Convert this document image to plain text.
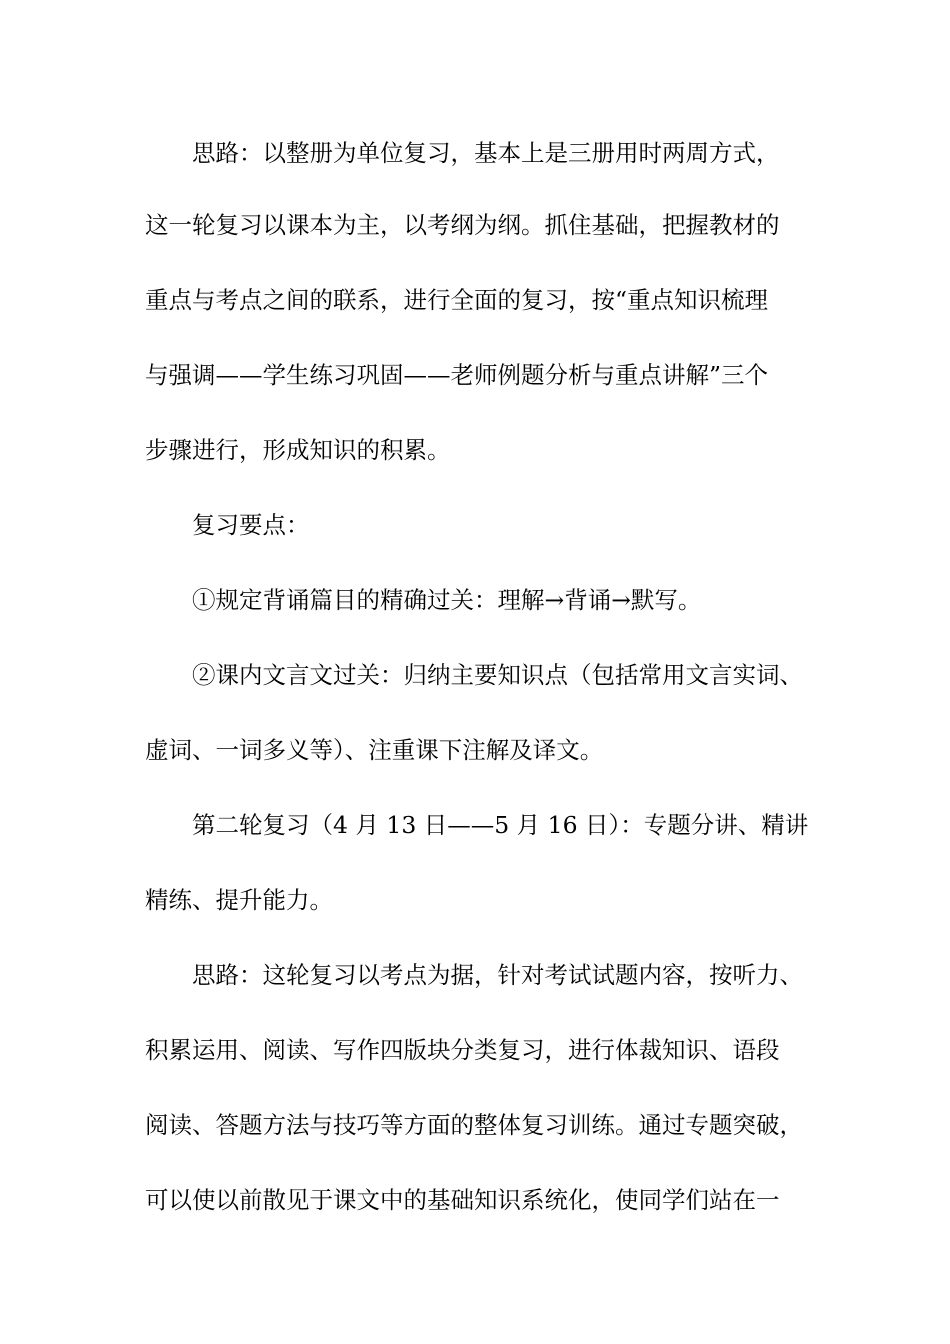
思路：以整册为单位复习，基本上是三册用时两周方式，
这一轮复习以课本为主，以考纲为纲。抓住基础，把握教材的
重点与考点之间的联系，进行全面的复习，按“重点知识梳理
与强调——学生练习巩固——老师例题分析与重点讲解”三个
步骤进行，形成知识的积累。
复习要点：
①规定背诵篇目的精确过关：理解→背诵→默写。
②课内文言文过关：归纳主要知识点（包括常用文言实词、
虚词、一词多义等）、注重课下注解及译文。
第二轮复习（4 月 13 日——5 月 16 日）：专题分讲、精讲
精练、提升能力。
思路：这轮复习以考点为据，针对考试试题内容，按听力、
积累运用、阅读、写作四版块分类复习，进行体裁知识、语段
阅读、答题方法与技巧等方面的整体复习训练。通过专题突破，
可以使以前散见于课文中的基础知识系统化，使同学们站在一
